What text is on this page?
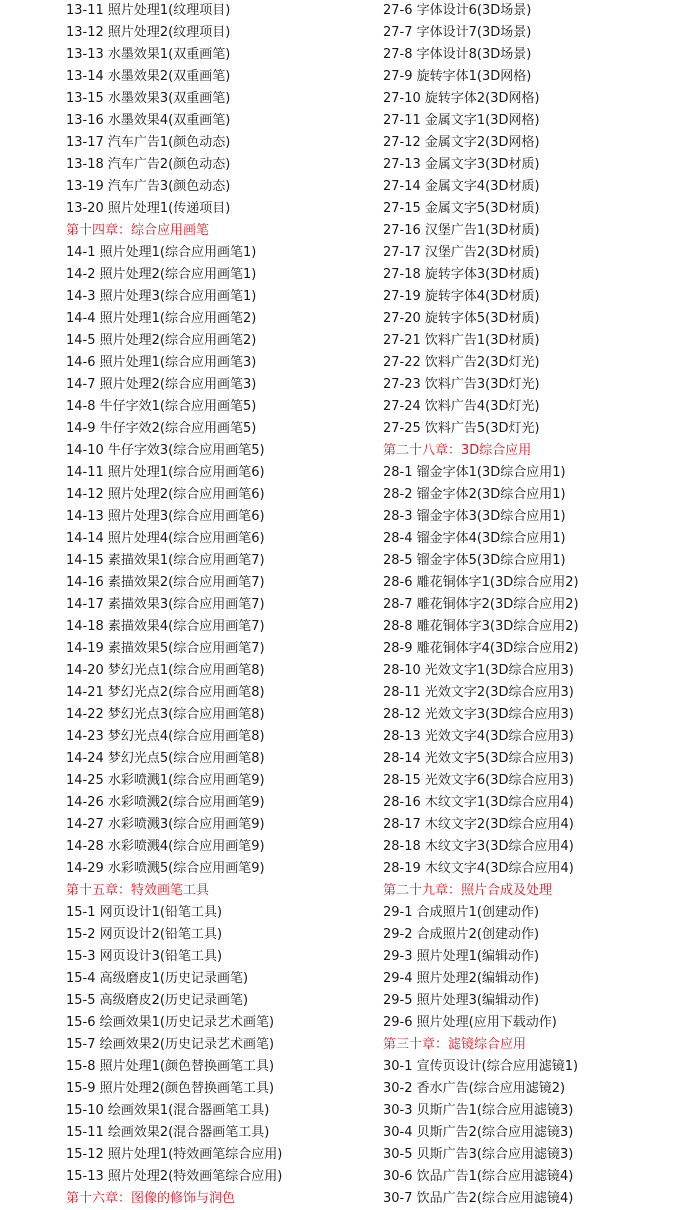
13-11 照片处理1(纹理项目)
13-12 照片处理2(纹理项目)
13-13 水墨效果1(双重画笔)
13-14 水墨效果2(双重画笔)
13-15 水墨效果3(双重画笔)
13-16 水墨效果4(双重画笔)
13-17 汽车广告1(颜色动态)
13-18 汽车广告2(颜色动态)
13-19 汽车广告3(颜色动态)
13-20 照片处理1(传递项目)
第十四章：综合应用画笔
14-1 照片处理1(综合应用画笔1)
14-2 照片处理2(综合应用画笔1)
14-3 照片处理3(综合应用画笔1)
14-4 照片处理1(综合应用画笔2)
14-5 照片处理2(综合应用画笔2)
14-6 照片处理1(综合应用画笔3)
14-7 照片处理2(综合应用画笔3)
14-8 牛仔字效1(综合应用画笔5)
14-9 牛仔字效2(综合应用画笔5)
14-10 牛仔字效3(综合应用画笔5)
14-11 照片处理1(综合应用画笔6)
14-12 照片处理2(综合应用画笔6)
14-13 照片处理3(综合应用画笔6)
14-14 照片处理4(综合应用画笔6)
14-15 素描效果1(综合应用画笔7)
14-16 素描效果2(综合应用画笔7)
14-17 素描效果3(综合应用画笔7)
14-18 素描效果4(综合应用画笔7)
14-19 素描效果5(综合应用画笔7)
14-20 梦幻光点1(综合应用画笔8)
14-21 梦幻光点2(综合应用画笔8)
14-22 梦幻光点3(综合应用画笔8)
14-23 梦幻光点4(综合应用画笔8)
14-24 梦幻光点5(综合应用画笔8)
14-25 水彩喷溅1(综合应用画笔9)
14-26 水彩喷溅2(综合应用画笔9)
14-27 水彩喷溅3(综合应用画笔9)
14-28 水彩喷溅4(综合应用画笔9)
14-29 水彩喷溅5(综合应用画笔9)
第十五章：特效画笔工具
15-1 网页设计1(铅笔工具)
15-2 网页设计2(铅笔工具)
15-3 网页设计3(铅笔工具)
15-4 高级磨皮1(历史记录画笔)
15-5 高级磨皮2(历史记录画笔)
15-6 绘画效果1(历史记录艺术画笔)
15-7 绘画效果2(历史记录艺术画笔)
15-8 照片处理1(颜色替换画笔工具)
15-9 照片处理2(颜色替换画笔工具)
15-10 绘画效果1(混合器画笔工具)
15-11 绘画效果2(混合器画笔工具)
15-12 照片处理1(特效画笔综合应用)
15-13 照片处理2(特效画笔综合应用)
第十六章：图像的修饰与润色
27-6 字体设计6(3D场景)
27-7 字体设计7(3D场景)
27-8 字体设计8(3D场景)
27-9 旋转字体1(3D网格)
27-10 旋转字体2(3D网格)
27-11 金属文字1(3D网格)
27-12 金属文字2(3D网格)
27-13 金属文字3(3D材质)
27-14 金属文字4(3D材质)
27-15 金属文字5(3D材质)
27-16 汉堡广告1(3D材质)
27-17 汉堡广告2(3D材质)
27-18 旋转字体3(3D材质)
27-19 旋转字体4(3D材质)
27-20 旋转字体5(3D材质)
27-21 饮料广告1(3D材质)
27-22 饮料广告2(3D灯光)
27-23 饮料广告3(3D灯光)
27-24 饮料广告4(3D灯光)
27-25 饮料广告5(3D灯光)
第二十八章：3D综合应用
28-1 镏金字体1(3D综合应用1)
28-2 镏金字体2(3D综合应用1)
28-3 镏金字体3(3D综合应用1)
28-4 镏金字体4(3D综合应用1)
28-5 镏金字体5(3D综合应用1)
28-6 雕花铜体字1(3D综合应用2)
28-7 雕花铜体字2(3D综合应用2)
28-8 雕花铜体字3(3D综合应用2)
28-9 雕花铜体字4(3D综合应用2)
28-10 光效文字1(3D综合应用3)
28-11 光效文字2(3D综合应用3)
28-12 光效文字3(3D综合应用3)
28-13 光效文字4(3D综合应用3)
28-14 光效文字5(3D综合应用3)
28-15 光效文字6(3D综合应用3)
28-16 木纹文字1(3D综合应用4)
28-17 木纹文字2(3D综合应用4)
28-18 木纹文字3(3D综合应用4)
28-19 木纹文字4(3D综合应用4)
第二十九章：照片合成及处理
29-1 合成照片1(创建动作)
29-2 合成照片2(创建动作)
29-3 照片处理1(编辑动作)
29-4 照片处理2(编辑动作)
29-5 照片处理3(编辑动作)
29-6 照片处理(应用下载动作)
第三十章：滤镜综合应用
30-1 宣传页设计(综合应用滤镜1)
30-2 香水广告(综合应用滤镜2)
30-3 贝斯广告1(综合应用滤镜3)
30-4 贝斯广告2(综合应用滤镜3)
30-5 贝斯广告3(综合应用滤镜3)
30-6 饮品广告1(综合应用滤镜4)
30-7 饮品广告2(综合应用滤镜4)
